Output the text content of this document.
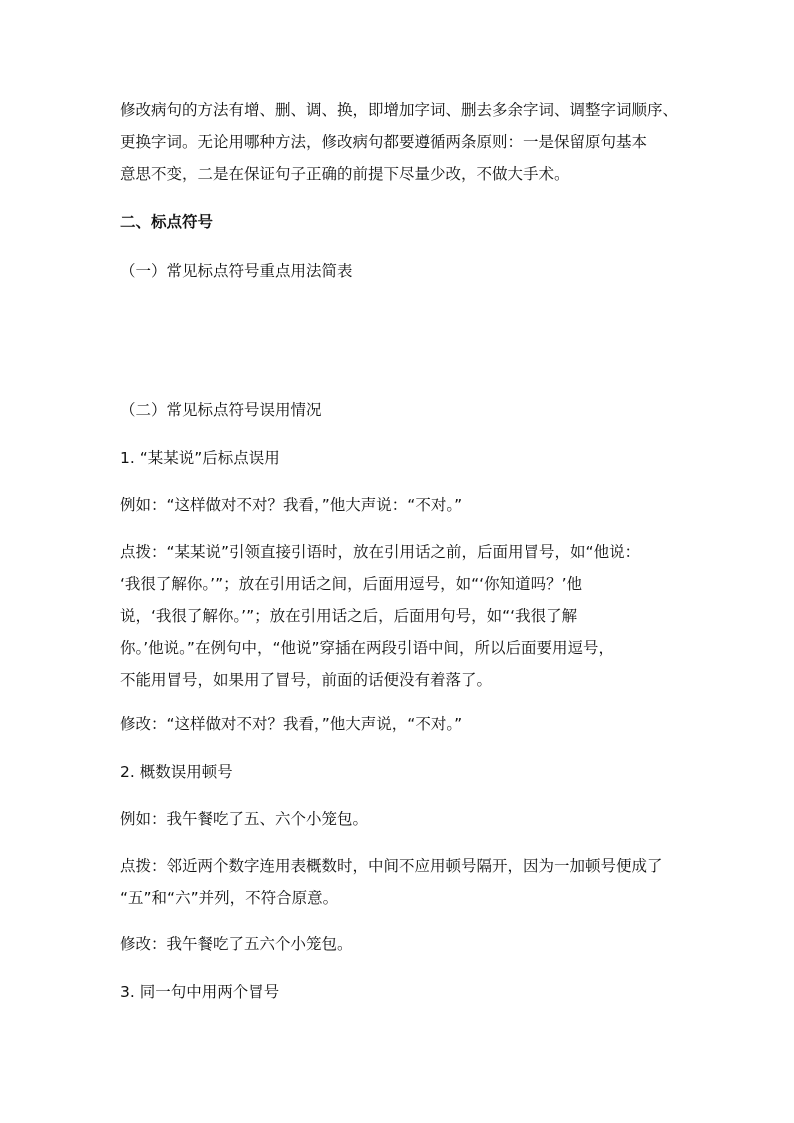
修改病句的方法有增、删、调、换，即增加字词、删去多余字词、调整字词顺序、
更换字词。无论用哪种方法，修改病句都要遵循两条原则：一是保留原句基本
意思不变，二是在保证句子正确的前提下尽量少改，不做大手术。
二、标点符号
（一）常见标点符号重点用法简表
（二）常见标点符号误用情况
1. “某某说”后标点误用
例如：“这样做对不对？我看，”他大声说：“不对。”
点拨：“某某说”引领直接引语时，放在引用话之前，后面用冒号，如“他说：
‘我很了解你。’”；放在引用话之间，后面用逗号，如“‘你知道吗？’他
说，‘我很了解你。’”；放在引用话之后，后面用句号，如“‘我很了解
你。’他说。”在例句中，“他说”穿插在两段引语中间，所以后面要用逗号，
不能用冒号，如果用了冒号，前面的话便没有着落了。
修改：“这样做对不对？我看，”他大声说，“不对。”
2. 概数误用顿号
例如：我午餐吃了五、六个小笼包。
点拨：邻近两个数字连用表概数时，中间不应用顿号隔开，因为一加顿号便成了
“五”和“六”并列，不符合原意。
修改：我午餐吃了五六个小笼包。
3. 同一句中用两个冒号
